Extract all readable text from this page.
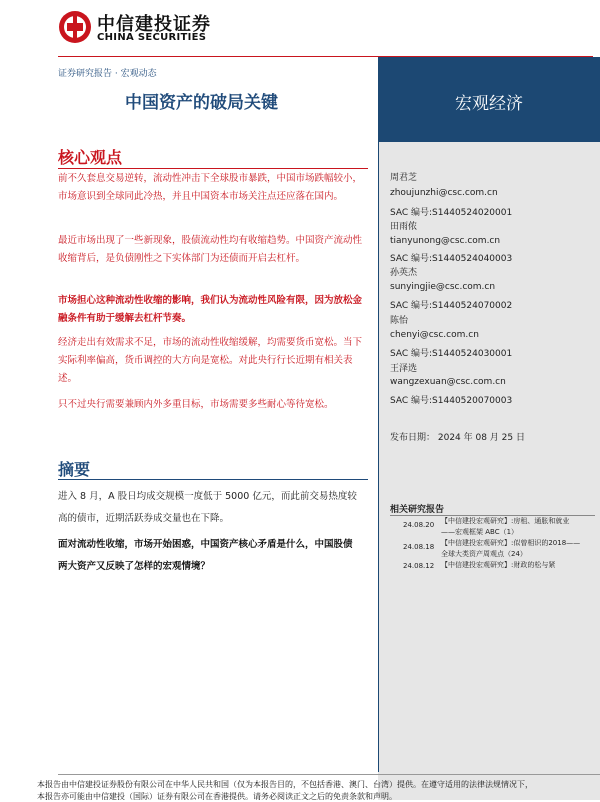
中信建投证券
CHINA SECURITIES
证券研究报告 · 宏观动态
中国资产的破局关键	宏观经济
核心观点
前不久套息交易逆转，流动性冲击下全球股市暴跌，中国市场跌幅较小，市场意识到全球同此冷热，并且中国资本市场关注点还应落在国内。
最近市场出现了一些新现象，股债流动性均有收缩趋势。中国资产流动性收缩背后，是负债刚性之下实体部门为还债而开启去杠杆。
市场担心这种流动性收缩的影响，我们认为流动性风险有限，因为放松金融条件有助于缓解去杠杆节奏。
经济走出有效需求不足，市场的流动性收缩缓解，均需要货币宽松。当下实际利率偏高，货币调控的大方向是宽松。对此央行行长近期有相关表述。
只不过央行需要兼顾内外多重目标，市场需要多些耐心等待宽松。
摘要
进入 8 月，A 股日均成交规模一度低于 5000 亿元，而此前交易热度较高的债市，近期活跃券成交量也在下降。
面对流动性收缩，市场开始困惑，中国资产核心矛盾是什么，中国股债两大资产又反映了怎样的宏观情境？
周君芝
zhoujunzhi@csc.com.cn
SAC 编号:S1440524020001
田雨侬
tianyunong@csc.com.cn
SAC 编号:S1440524040003
孙英杰
sunyingjie@csc.com.cn
SAC 编号:S1440524070002
陈怡
chenyi@csc.com.cn
SAC 编号:S1440524030001
王泽选
wangzexuan@csc.com.cn
SAC 编号:S1440520070003
发布日期： 2024 年 08 月 25 日
相关研究报告
24.08.20 【中信建投宏观研究】:房租、通胀和就业——宏观框架 ABC（1）
24.08.18 【中信建投宏观研究】:似曾相识的2018——全球大类资产周观点（24）
24.08.12 【中信建投宏观研究】:财政的松与紧
本报告由中信建投证券股份有限公司在中华人民共和国（仅为本报告目的，不包括香港、澳门、台湾）提供。在遵守适用的法律法规情况下，
本报告亦可能由中信建投（国际）证券有限公司在香港提供。请务必阅读正文之后的免责条款和声明。
